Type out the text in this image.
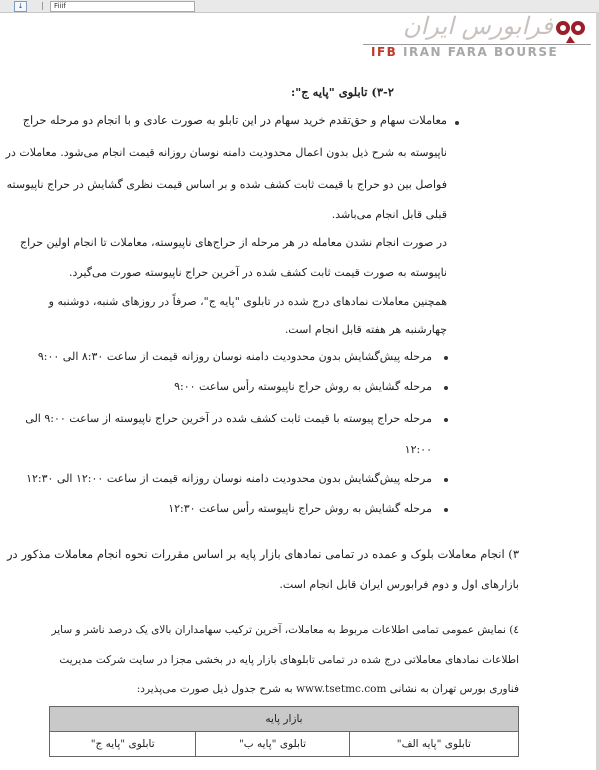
⤓	Fiiif
فرابورس ایران
IFB IRAN FARA BOURSE
۳-۲) تابلوی "پایه ج":
معاملات سهام و حق‌تقدم خرید سهام در این تابلو به صورت عادی و با انجام دو مرحله حراج
ناپیوسته به شرح ذیل بدون اعمال محدودیت دامنه نوسان روزانه قیمت انجام می‌شود. معاملات در
فواصل بین دو حراج با قیمت ثابت کشف شده و بر اساس قیمت نظری گشایش در حراج ناپیوسته
قبلی قابل انجام می‌باشد.
در صورت انجام نشدن معامله در هر مرحله از حراج‌های ناپیوسته، معاملات تا انجام اولین حراج
ناپیوسته به صورت قیمت ثابت کشف شده در آخرین حراج ناپیوسته صورت می‌گیرد.
همچنین معاملات نمادهای درج شده در تابلوی "پایه ج"، صرفاً در روزهای شنبه، دوشنبه و
چهارشنبه هر هفته قابل انجام است.
مرحله پیش‌گشایش بدون محدودیت دامنه نوسان روزانه قیمت از ساعت ۸:۳۰ الی ۹:۰۰
مرحله گشایش به روش حراج ناپیوسته رأس ساعت ۹:۰۰
مرحله حراج پیوسته با قیمت ثابت کشف شده در آخرین حراج ناپیوسته از ساعت ۹:۰۰ الی
۱۲:۰۰
مرحله پیش‌گشایش بدون محدودیت دامنه نوسان روزانه قیمت از ساعت ۱۲:۰۰ الی ۱۲:۳۰
مرحله گشایش به روش حراج ناپیوسته رأس ساعت ۱۲:۳۰
۳) انجام معاملات بلوک و عمده در تمامی نمادهای بازار پایه بر اساس مقررات نحوه انجام معاملات مذکور در
بازارهای اول و دوم فرابورس ایران قابل انجام است.
٤) نمایش عمومی تمامی اطلاعات مربوط به معاملات، آخرین ترکیب سهامداران بالای یک درصد ناشر و سایر
اطلاعات نمادهای معاملاتی درج شده در تمامی تابلوهای بازار پایه در بخشی مجزا در سایت شرکت مدیریت
فناوری بورس تهران به نشانی www.tsetmc.com به شرح جدول ذیل صورت می‌پذیرد:
بازار پایه
تابلوی "پایه ج"	تابلوی "پایه ب"	تابلوی "پایه الف"
